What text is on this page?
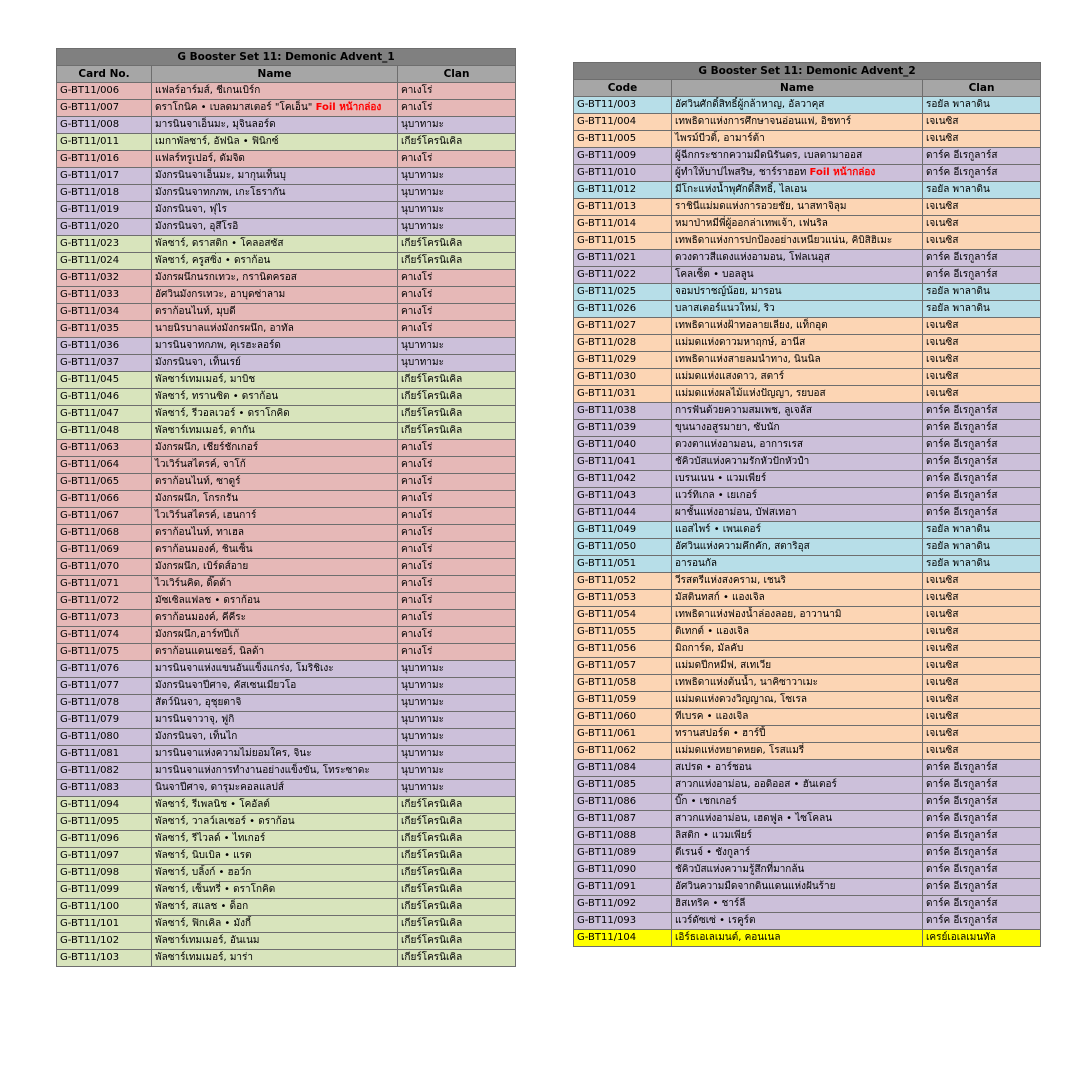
G Booster Set 11: Demonic Advent_1		
Card No.	Name	Clan
G-BT11/006	แฟลร์อาร์มส์, ชีเกนเบิร์ก	คาเงโร่
G-BT11/007	ดราโกนิค • เบลดมาสเตอร์ "โคเอ็น" Foil หน้ากล่อง	คาเงโร่
G-BT11/008	มารนินจาเอ็นมะ, มุจินลอร์ด	นุบาทามะ
G-BT11/011	เมกาพัลซาร์, อัฟนิล • ฟินิกซ์	เกียร์โครนิเคิล
G-BT11/016	แฟลร์ทรูเปอร์, ดัมจิด	คาเงโร่
G-BT11/017	มังกรนินจาเอ็นมะ, มากุนเท็นบุ	นุบาทามะ
G-BT11/018	มังกรนินจาทกภพ, เกะโธรากัน	นุบาทามะ
G-BT11/019	มังกรนินจา, ฟุไร	นุบาทามะ
G-BT11/020	มังกรนินจา, อุสึโรอิ	นุบาทามะ
G-BT11/023	พัลซาร์, ดราสติก • โคลอสซัส	เกียร์โครนิเคิล
G-BT11/024	พัลซาร์, ครูสซิ่ง • ดราก้อน	เกียร์โครนิเคิล
G-BT11/032	มังกรผนึกนรกเทวะ, กรานิตครอส	คาเงโร่
G-BT11/033	อัศวินมังกรเทวะ, อาบุดซ่าลาม	คาเงโร่
G-BT11/034	ดราก้อนไนท์, มุบดี	คาเงโร่
G-BT11/035	นายนิรบาลแห่งมังกรผนึก, อาทัล	คาเงโร่
G-BT11/036	มารนินจาทกภพ, คุเรฮะลอร์ด	นุบาทามะ
G-BT11/037	มังกรนินจา, เท็นเรย์	นุบาทามะ
G-BT11/045	พัลซาร์เทมเมอร์, มาบิช	เกียร์โครนิเคิล
G-BT11/046	พัลซาร์, ทรานซิต • ดราก้อน	เกียร์โครนิเคิล
G-BT11/047	พัลซาร์, รีวอลเวอร์ • ดราโกคิด	เกียร์โครนิเคิล
G-BT11/048	พัลซาร์เทมเมอร์, ดากัน	เกียร์โครนิเคิล
G-BT11/063	มังกรผนึก, เชียร์ชักเกอร์	คาเงโร่
G-BT11/064	ไวเวิร์นสไตรค์, จาโก้	คาเงโร่
G-BT11/065	ดราก้อนไนท์, ซาดูร์	คาเงโร่
G-BT11/066	มังกรผนึก, โกรกรัน	คาเงโร่
G-BT11/067	ไวเวิร์นสไตรค์, เฮนการ์	คาเงโร่
G-BT11/068	ดราก้อนไนท์, ทาเฮล	คาเงโร่
G-BT11/069	ดราก้อนมองค์, ชินเซ็น	คาเงโร่
G-BT11/070	มังกรผนึก, เบิร์ดส์อาย	คาเงโร่
G-BT11/071	ไวเวิร์นคิด, ดิ๊ดด้า	คาเงโร่
G-BT11/072	มัซเซิลแฟลช • ดราก้อน	คาเงโร่
G-BT11/073	ดราก้อนมองค์, คีคีระ	คาเงโร่
G-BT11/074	มังกรผนึก,อาร์ทปีเก้	คาเงโร่
G-BT11/075	ดราก้อนแดนเซอร์, นิลด้า	คาเงโร่
G-BT11/076	มารนินจาแห่งแขนอันแข็งแกร่ง, โมริชิเงะ	นุบาทามะ
G-BT11/077	มังกรนินจาปีศาจ, คัสเซนเมียวโอ	นุบาทามะ
G-BT11/078	สัตว์นินจา, อุชุยตาจิ	นุบาทามะ
G-BT11/079	มารนินจาวาจุ, ฟูกิ	นุบาทามะ
G-BT11/080	มังกรนินจา, เท็นไก	นุบาทามะ
G-BT11/081	มารนินจาแห่งความไม่ยอมใคร, จินะ	นุบาทามะ
G-BT11/082	มารนินจาแห่งการทำงานอย่างแข็งขัน, โทระซาดะ	นุบาทามะ
G-BT11/083	นินจาปีศาจ, ดารุมะคอลแลปส์	นุบาทามะ
G-BT11/094	พัลซาร์, รีเพลนิช • โคอัลต์	เกียร์โครนิเคิล
G-BT11/095	พัลซาร์, วาลว์เลเซอร์ • ดราก้อน	เกียร์โครนิเคิล
G-BT11/096	พัลซาร์, รีไวลด์ • ไทเกอร์	เกียร์โครนิเคิล
G-BT11/097	พัลซาร์, นิบเบิล • แรต	เกียร์โครนิเคิล
G-BT11/098	พัลซาร์, บลิ้งก์ • ฮอว์ก	เกียร์โครนิเคิล
G-BT11/099	พัลซาร์, เซ็นทรี่ • ดราโกคิด	เกียร์โครนิเคิล
G-BT11/100	พัลซาร์, สแลช • ด็อก	เกียร์โครนิเคิล
G-BT11/101	พัลซาร์, ฟิกเคิล • มังกี้	เกียร์โครนิเคิล
G-BT11/102	พัลซาร์เทมเมอร์, อันเนม	เกียร์โครนิเคิล
G-BT11/103	พัลซาร์เทมเมอร์, มาร่า	เกียร์โครนิเคิล
G Booster Set 11: Demonic Advent_2		
Code	Name	Clan
G-BT11/003	อัศวินศักดิ์สิทธิ์ผู้กล้าหาญ, อัลวาคุส	รอยัล พาลาดิน
G-BT11/004	เทพธิดาแห่งการศึกษาจนอ่อนแฟ, อิชทาร์	เจเนซิส
G-BT11/005	ไพรม์บีวติ้, อามาร์ต้า	เจเนซิส
G-BT11/009	ผู้ฉีกกระชากความมืดนิรันดร, เบลดามาออส	ดาร์ค อีเรกูลาร์ส
G-BT11/010	ผู้ทำให้บาปไพสริษ, ชาร์ราฮอท Foil หน้ากล่อง	ดาร์ค อีเรกูลาร์ส
G-BT11/012	มีโกะแห่งน้ำพุศักดิ์สิทธิ์, ไลเอน	รอยัล พาลาดิน
G-BT11/013	ราชินีแม่มดแห่งการอวยชัย, นาสทาจิลุม	เจเนซิส
G-BT11/014	หมาป่าหมีพี่ผู้ออกล่าเทพเจ้า, เฟนริล	เจเนซิส
G-BT11/015	เทพธิดาแห่งการปกป้องอย่างเหนียวแน่น, คิบิสิฮิเมะ	เจเนซิส
G-BT11/021	ดวงดาวสีแดงแห่งอามอน, โฟลเนอุส	ดาร์ค อีเรกูลาร์ส
G-BT11/022	โคลเซ็ต • บอลลูน	ดาร์ค อีเรกูลาร์ส
G-BT11/025	จอมปราชญ์น้อย, มารอน	รอยัล พาลาดิน
G-BT11/026	บลาสเตอร์แนวใหม่, ริว	รอยัล พาลาดิน
G-BT11/027	เทพธิดาแห่งฝ้าทอลายเลียง, แท็กอุต	เจเนซิส
G-BT11/028	แม่มดแห่งดาวมหาฤกษ์, อานีส	เจเนซิส
G-BT11/029	เทพธิดาแห่งสายลมนำทาง, นินนิล	เจเนซิส
G-BT11/030	แม่มดแห่งแสงดาว, สตาร์	เจเนซิส
G-BT11/031	แม่มดแห่งผลไม้แห่งปัญญา, รยบอส	เจเนซิส
G-BT11/038	การฟันด้วยความสมเพช, ลูเจลัส	ดาร์ค อีเรกูลาร์ส
G-BT11/039	ขุนนางอสูรมายา, ซับนัก	ดาร์ค อีเรกูลาร์ส
G-BT11/040	ดวงตาแห่งอามอน, อาการเรส	ดาร์ค อีเรกูลาร์ส
G-BT11/041	ชัคิวบัสแห่งความรักหัวปักหัวปำ	ดาร์ค อีเรกูลาร์ส
G-BT11/042	เบรนเนน • แวมเพียร์	ดาร์ค อีเรกูลาร์ส
G-BT11/043	แวร์ทิเกล • เยเกอร์	ดาร์ค อีเรกูลาร์ส
G-BT11/044	ผาชั้นแห่งอาม่อน, บัฟสเทอา	ดาร์ค อีเรกูลาร์ส
G-BT11/049	แอสไพร์ • เพนเดอร์	รอยัล พาลาดิน
G-BT11/050	อัศวินแห่งความคึกคัก, สตาริอุส	รอยัล พาลาดิน
G-BT11/051	อารอนกัล	รอยัล พาลาดิน
G-BT11/052	วีรสตรีแห่งสงคราม, เชนริ	เจเนซิส
G-BT11/053	มัสตินทสก์ • แองเจิล	เจเนซิส
G-BT11/054	เทพธิดาแห่งฟองน้ำล่องลอย, อาวานามิ	เจเนซิส
G-BT11/055	ดิเทกต์ • แองเจิล	เจเนซิส
G-BT11/056	มิถการ์ด, มัลคับ	เจเนซิส
G-BT11/057	แม่มดปีกหมีฟ, สเทเวีย	เจเนซิส
G-BT11/058	เทพธิดาแห่งต้นน้ำ, นาคิซาวาเมะ	เจเนซิส
G-BT11/059	แม่มดแห่งดวงวิญญาณ, โซเรล	เจเนซิส
G-BT11/060	ทีเบรค • แองเจิล	เจเนซิส
G-BT11/061	ทรานสปอร์ต • ฮาร์ปี้	เจเนซิส
G-BT11/062	แม่มดแห่งหยาดหยด, โรสแมรี่	เจเนซิส
G-BT11/084	สเปรด • อาร์ชอน	ดาร์ค อีเรกูลาร์ส
G-BT11/085	สาวกแห่งอาม่อน, ออดิออส • ฮันเตอร์	ดาร์ค อีเรกูลาร์ส
G-BT11/086	บิ๊ก • เชกเกอร์	ดาร์ค อีเรกูลาร์ส
G-BT11/087	สาวกแห่งอาม่อน, เฮดฟูล • ไซโคลน	ดาร์ค อีเรกูลาร์ส
G-BT11/088	ลิสติก • แวมเพียร์	ดาร์ค อีเรกูลาร์ส
G-BT11/089	ดีเรนจ์ • ชังกูลาร์	ดาร์ค อีเรกูลาร์ส
G-BT11/090	ชัคิวบัสแห่งความรู้สึกที่มากล้น	ดาร์ค อีเรกูลาร์ส
G-BT11/091	อัศวินความมืดจากดินแดนแห่งฝันร้าย	ดาร์ค อีเรกูลาร์ส
G-BT11/092	ฮิสเทริค • ชาร์ลี	ดาร์ค อีเรกูลาร์ส
G-BT11/093	แวร์ดัซเซ่ • เรคูร์ต	ดาร์ค อีเรกูลาร์ส
G-BT11/104	เอิร์ธเอเลเมนต์, คอนเนล	เครย์เอเลเมนทัล
